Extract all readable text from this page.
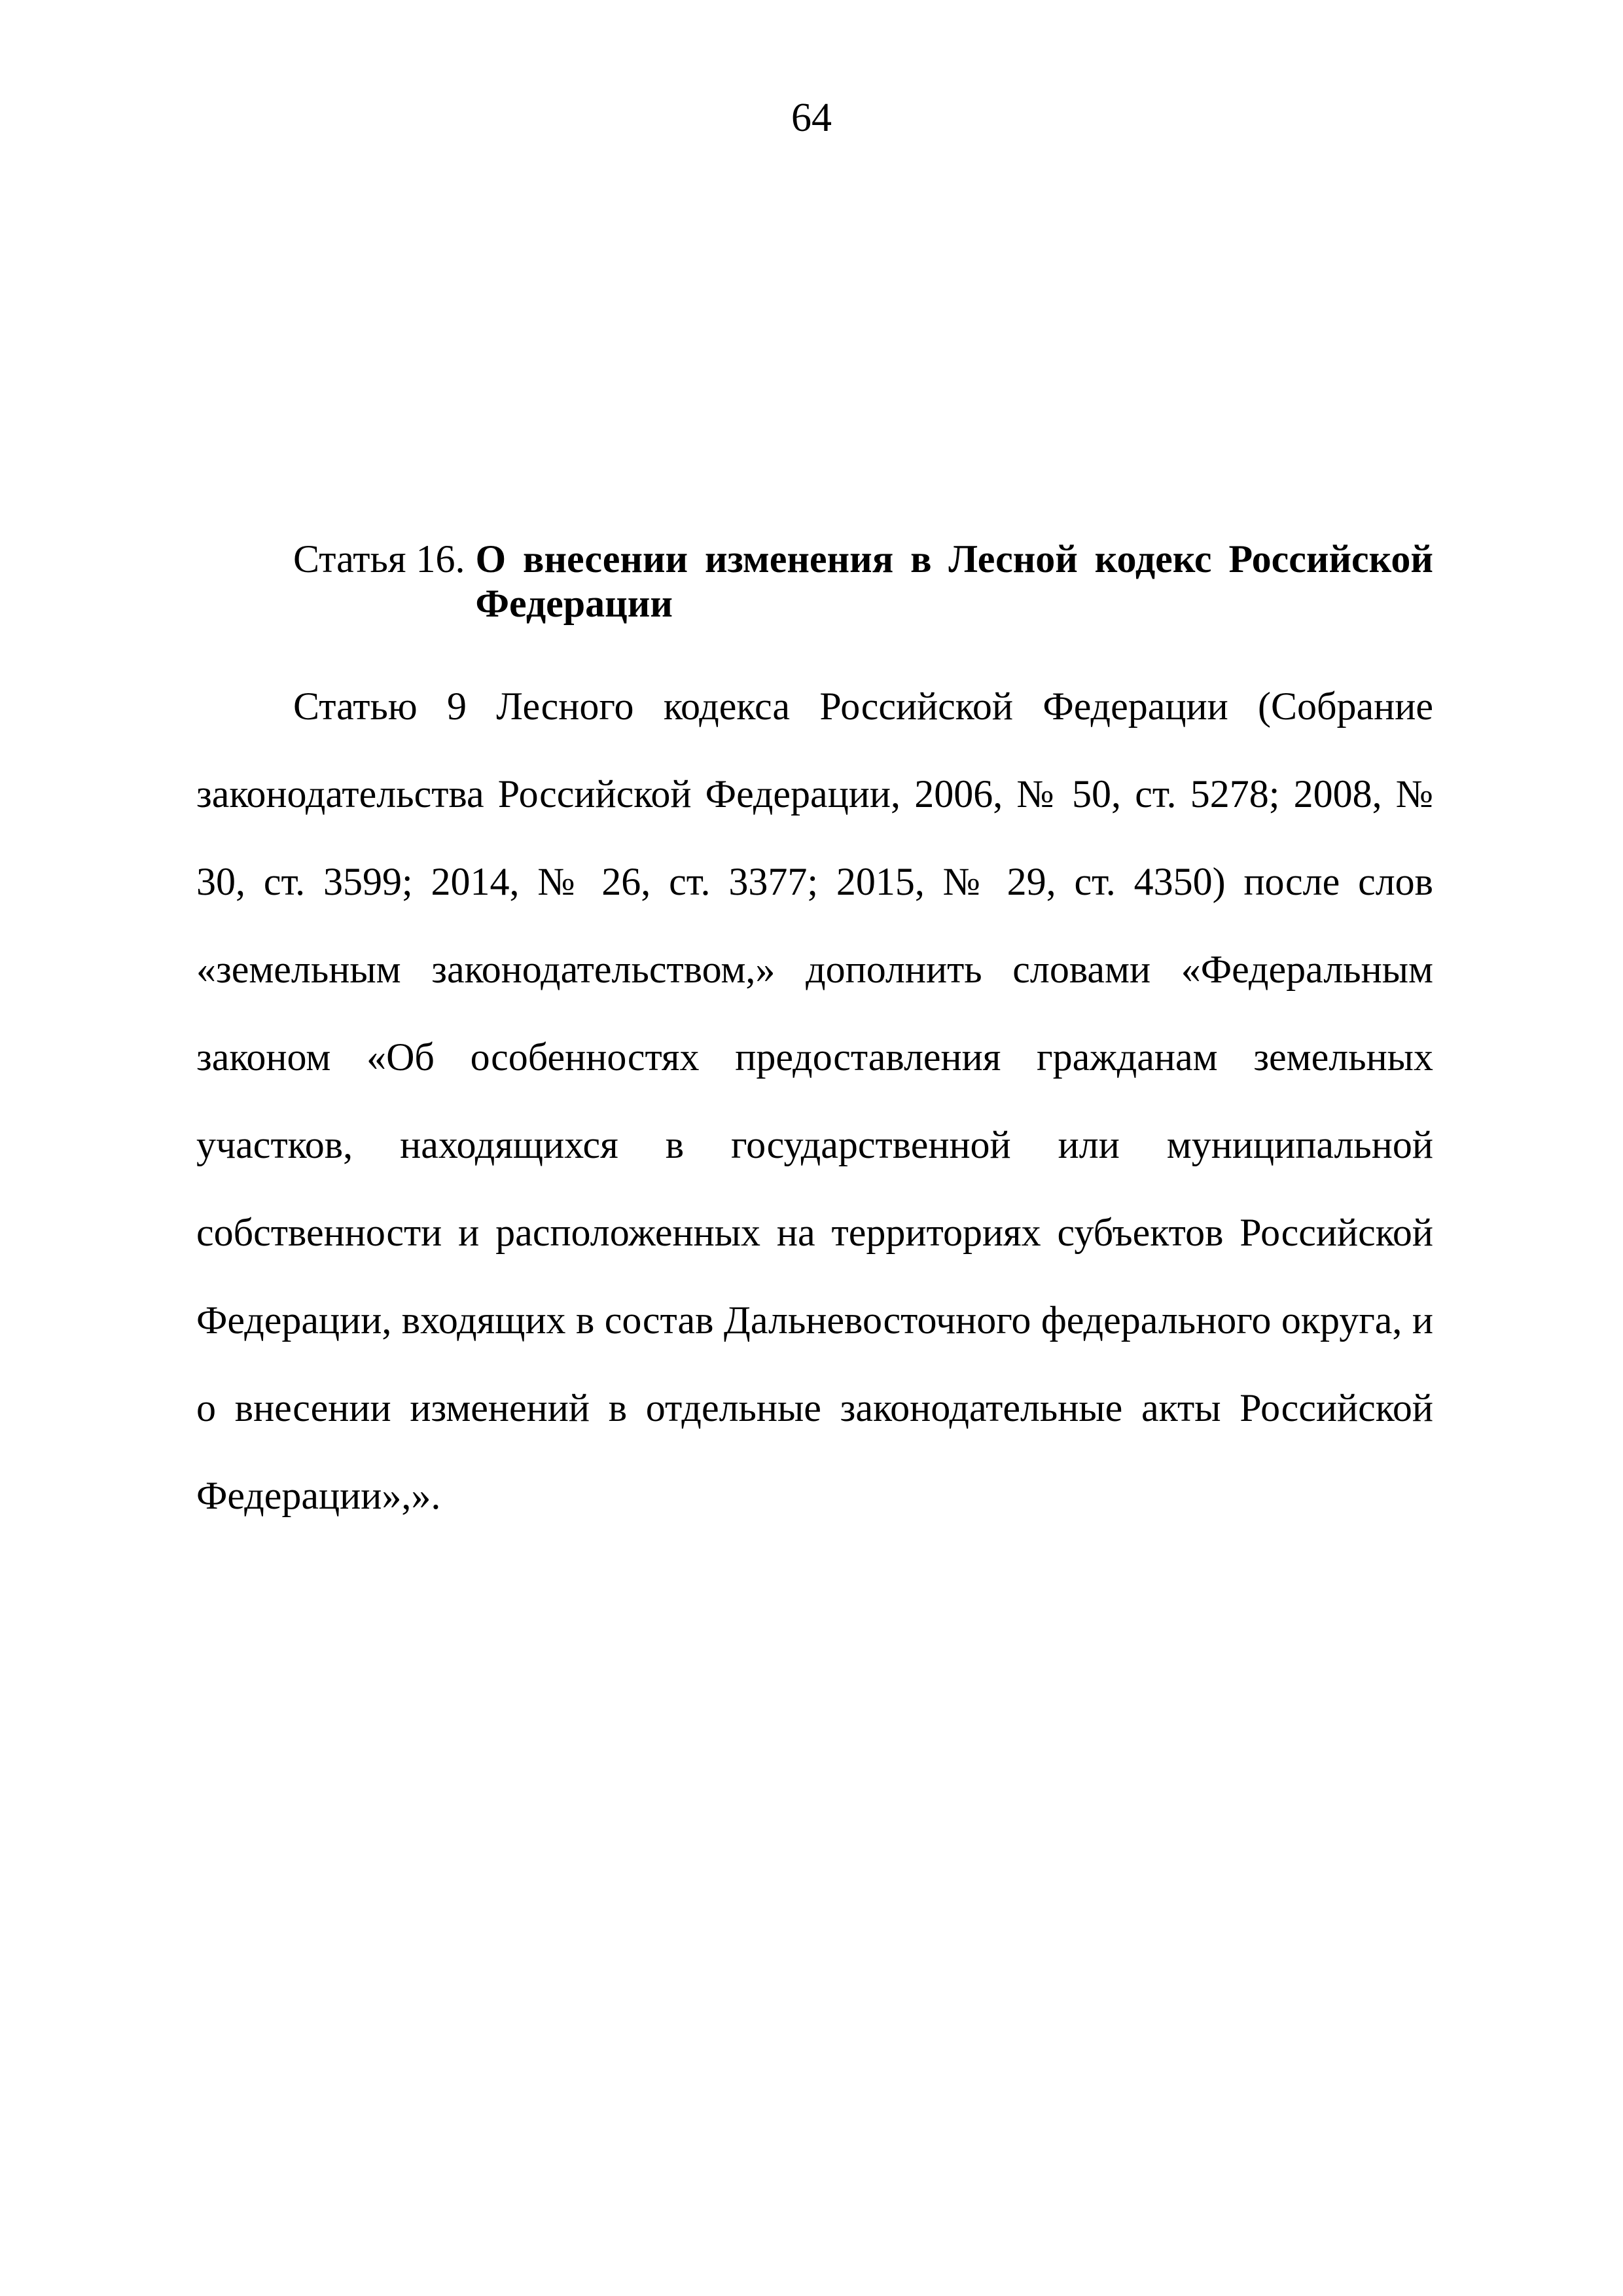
64
Статья 16. О внесении изменения в Лесной кодекс Российской Федерации

Статью 9 Лесного кодекса Российской Федерации (Собрание законодательства Российской Федерации, 2006, № 50, ст. 5278; 2008, № 30, ст. 3599; 2014, № 26, ст. 3377; 2015, № 29, ст. 4350) после слов «земельным законодательством,» дополнить словами «Федеральным законом «Об особенностях предоставления гражданам земельных участков, находящихся в государственной или муниципальной собственности и расположенных на территориях субъектов Российской Федерации, входящих в состав Дальневосточного федерального округа, и о внесении изменений в отдельные законодательные акты Российской Федерации»,».
